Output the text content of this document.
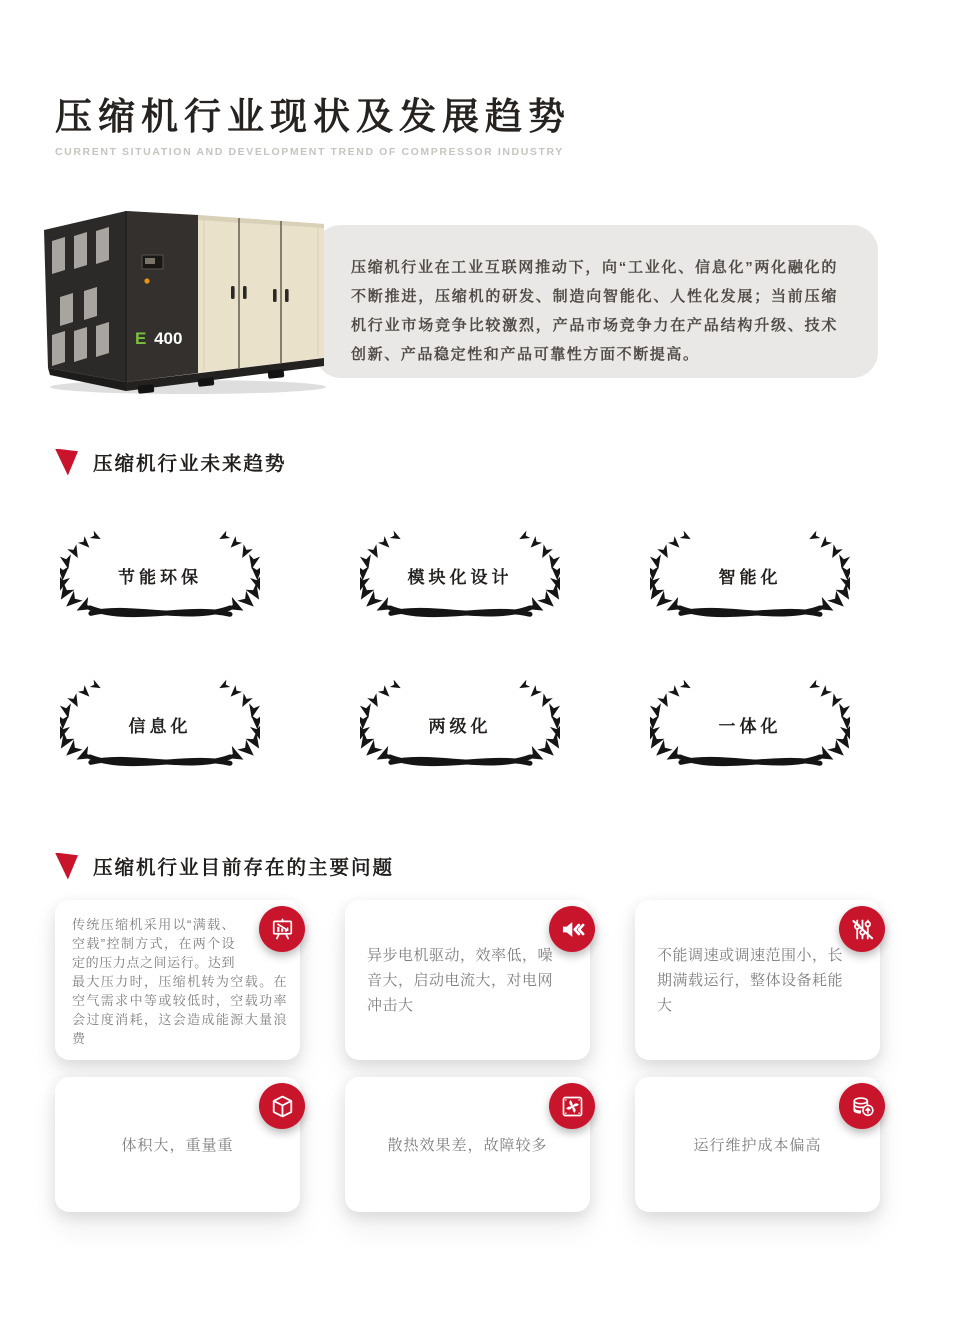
压缩机行业现状及发展趋势
CURRENT SITUATION AND DEVELOPMENT TREND OF COMPRESSOR INDUSTRY

压缩机行业在工业互联网推动下，向“工业化、信息化”两化融化的不断推进，压缩机的研发、制造向智能化、人性化发展；当前压缩机行业市场竞争比较激烈，产品市场竞争力在产品结构升级、技术创新、产品稳定性和产品可靠性方面不断提高。

E 400
压缩机行业未来趋势
节能环保	模块化设计	智能化
信息化	两级化	一体化
压缩机行业目前存在的主要问题
传统压缩机采用以“满载、空载”控制方式，在两个设定的压力点之间运行。达到最大压力时，压缩机转为空载。在空气需求中等或较低时，空载功率会过度消耗，这会造成能源大量浪费
异步电机驱动，效率低，噪音大，启动电流大，对电网冲击大
不能调速或调速范围小，长期满载运行，整体设备耗能大
体积大，重量重	散热效果差，故障较多	运行维护成本偏高
